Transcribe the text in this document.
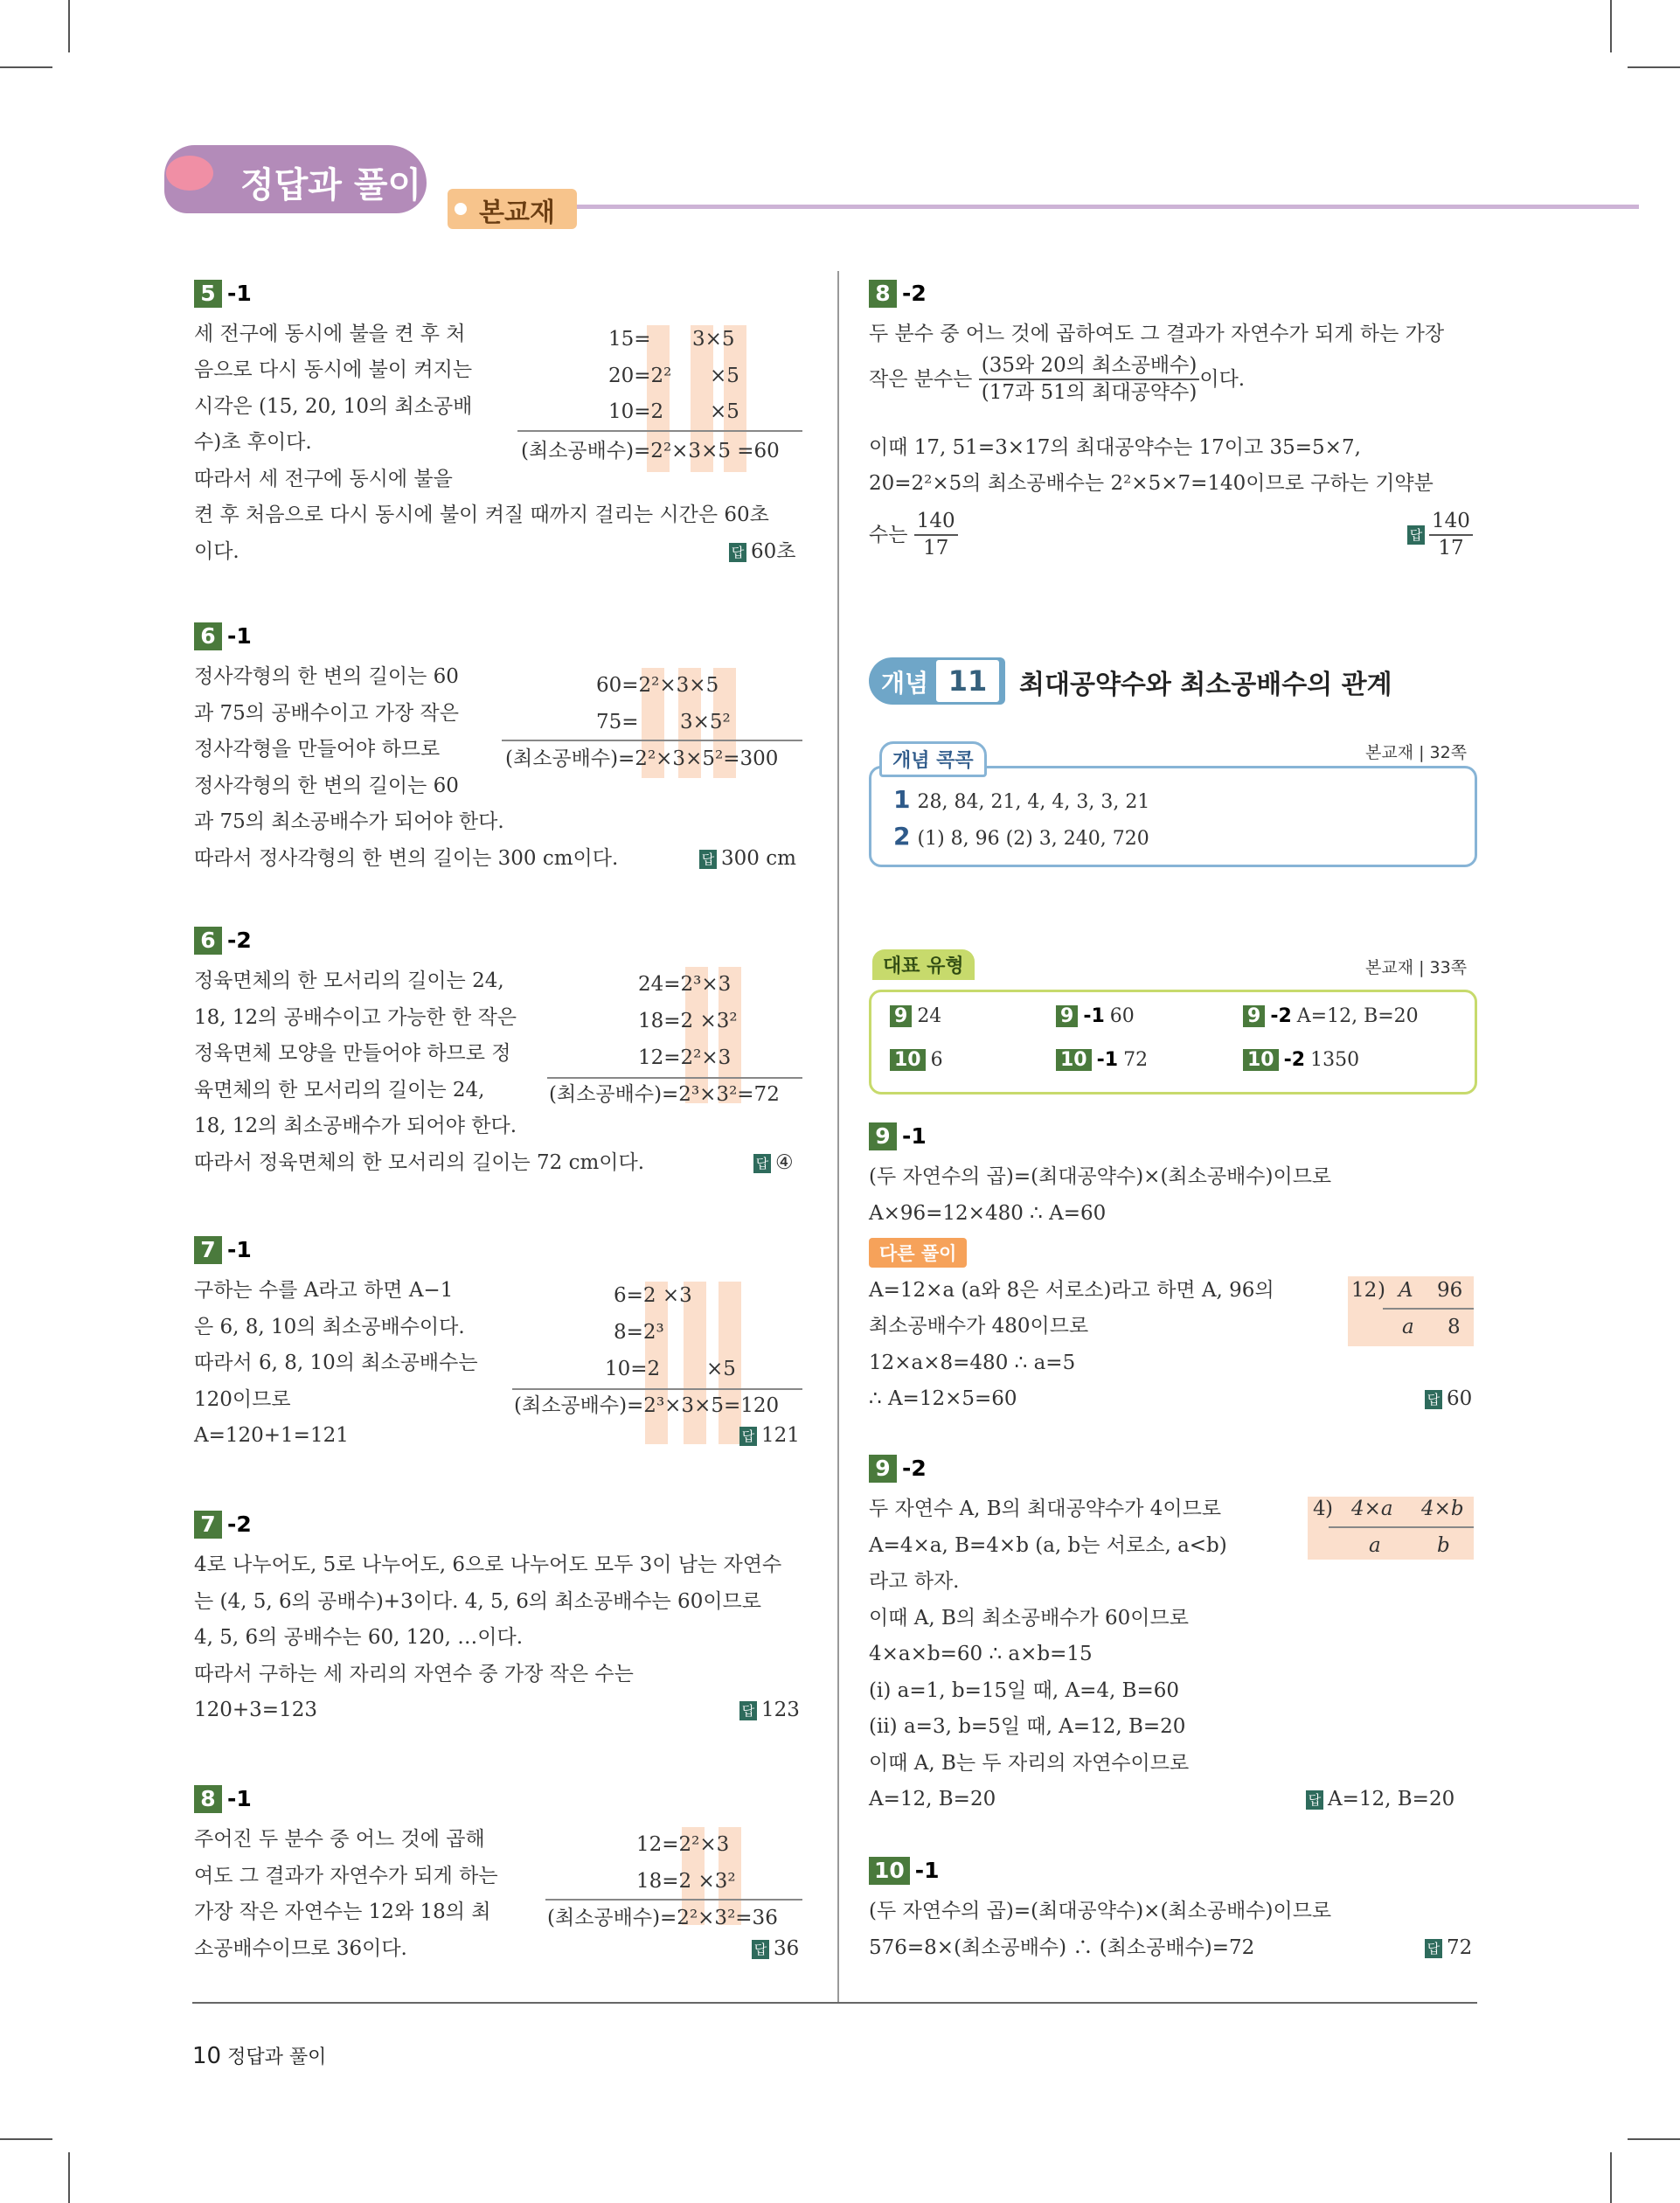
정답과 풀이
본교재
5 -1
세 전구에 동시에 불을 켠 후 처
음으로 다시 동시에 불이 켜지는
시각은 (15, 20, 10의 최소공배
수)초 후이다.
따라서 세 전구에 동시에 불을
켠 후 처음으로 다시 동시에 불이 켜질 때까지 걸리는 시간은 60초
이다.
15= 3×5
20=2² ×5
10=2 ×5
(최소공배수)=2²×3×5 =60
답 60초
6 -1
정사각형의 한 변의 길이는 60
과 75의 공배수이고 가장 작은
정사각형을 만들어야 하므로
정사각형의 한 변의 길이는 60
과 75의 최소공배수가 되어야 한다.
따라서 정사각형의 한 변의 길이는 300 cm이다.
60=2²×3×5
75= 3×5²
(최소공배수)=2²×3×5²=300
답 300 cm
6 -2
정육면체의 한 모서리의 길이는 24,
18, 12의 공배수이고 가능한 한 작은
정육면체 모양을 만들어야 하므로 정
육면체의 한 모서리의 길이는 24,
18, 12의 최소공배수가 되어야 한다.
따라서 정육면체의 한 모서리의 길이는 72 cm이다.
24=2³×3
18=2 ×3²
12=2²×3
(최소공배수)=2³×3²=72
답 ④
7 -1
구하는 수를 A라고 하면 A−1
은 6, 8, 10의 최소공배수이다.
따라서 6, 8, 10의 최소공배수는
120이므로
A=120+1=121
6=2 ×3
8=2³
10=2 ×5
(최소공배수)=2³×3×5=120
답 121
7 -2
4로 나누어도, 5로 나누어도, 6으로 나누어도 모두 3이 남는 자연수
는 (4, 5, 6의 공배수)+3이다. 4, 5, 6의 최소공배수는 60이므로
4, 5, 6의 공배수는 60, 120, …이다.
따라서 구하는 세 자리의 자연수 중 가장 작은 수는
120+3=123	답 123
8 -1
주어진 두 분수 중 어느 것에 곱해
여도 그 결과가 자연수가 되게 하는
가장 작은 자연수는 12와 18의 최
소공배수이므로 36이다.
12=2²×3
18=2 ×3²
(최소공배수)=2²×3²=36
답 36
8 -2
두 분수 중 어느 것에 곱하여도 그 결과가 자연수가 되게 하는 가장
작은 분수는 $\frac{\text{(35와 20의 최소공배수)}}{\text{(17과 51의 최대공약수)}}$ 이다.
이때 17, 51=3×17의 최대공약수는 17이고 35=5×7,
20=2²×5의 최소공배수는 2²×5×7=140이므로 구하는 기약분
수는 $\frac{140}{17}$	답 $\frac{140}{17}$
개념 11	최대공약수와 최소공배수의 관계
개념 콕콕	본교재 | 32쪽
1 28, 84, 21, 4, 4, 3, 3, 21
2 (1) 8, 96 (2) 3, 240, 720
대표 유형	본교재 | 33쪽
9 24	9 -1 60	9 -2 A=12, B=20
10 6	10 -1 72	10 -2 1350
9 -1
(두 자연수의 곱)=(최대공약수)×(최소공배수)이므로
A×96=12×480 ∴ A=60
다른 풀이
A=12×a (a와 8은 서로소)라고 하면 A, 96의
최소공배수가 480이므로
12×a×8=480 ∴ a=5
∴ A=12×5=60
12 ) A 96
a 8
답 60
9 -2
두 자연수 A, B의 최대공약수가 4이므로
A=4×a, B=4×b (a, b는 서로소, a<b)
라고 하자.
이때 A, B의 최소공배수가 60이므로
4×a×b=60 ∴ a×b=15
(ⅰ) a=1, b=15일 때, A=4, B=60
(ⅱ) a=3, b=5일 때, A=12, B=20
이때 A, B는 두 자리의 자연수이므로
A=12, B=20
4 ) 4×a 4×b
a	b
답 A=12, B=20
10 -1
(두 자연수의 곱)=(최대공약수)×(최소공배수)이므로
576=8×(최소공배수) ∴ (최소공배수)=72	답 72
10 정답과 풀이
